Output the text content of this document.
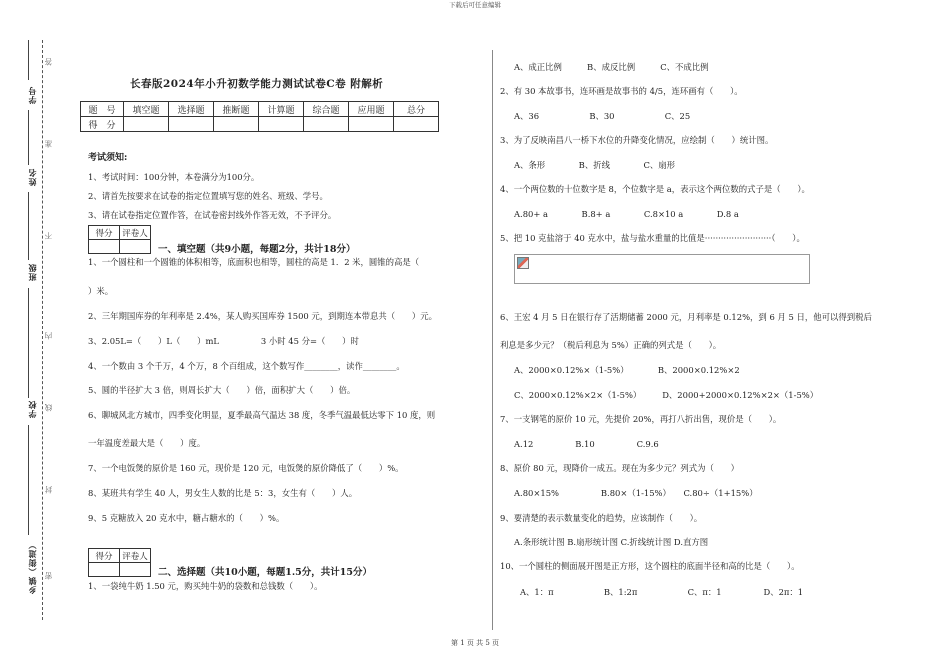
下载后可任意编辑
学号
姓名
班级
学校
乡镇（街道）
答
准
不
内
线
封
密
长春版2024年小升初数学能力测试试卷C卷 附解析
题　号	填空题	选择题	推断题	计算题	综合题	应用题	总分
得　分							
考试须知:
1、考试时间：100分钟，本卷满分为100分。
2、请首先按要求在试卷的指定位置填写您的姓名、班级、学号。
3、请在试卷指定位置作答，在试卷密封线外作答无效，不予评分。
得分	评卷人

一、填空题（共9小题，每题2分，共计18分）
1、一个圆柱和一个圆锥的体积相等，底面积也相等，圆柱的高是 1．2 米，圆锥的高是（
）米。
2、三年期国库券的年利率是 2.4%，某人购买国库券 1500 元，到期连本带息共（　　）元。
3、2.05L=（　　）L（　　）mL　　　　　3 小时 45 分=（　　）时
4、一个数由 3 个千万，4 个万，8 个百组成，这个数写作________，读作________。
5、圆的半径扩大 3 倍，则周长扩大（　　）倍，面积扩大（　　）倍。
6、聊城风北方城市，四季变化明显，夏季最高气温达 38 度，冬季气温最低达零下 10 度，则
一年温度差最大是（　　）度。
7、一个电饭煲的原价是 160 元，现价是 120 元，电饭煲的原价降低了（　　）%。
8、某班共有学生 40 人，男女生人数的比是 5：3，女生有（　　）人。
9、5 克糖放入 20 克水中，糖占糖水的（　　）%。
得分	评卷人

二、选择题（共10小题，每题1.5分，共计15分）
1、一袋纯牛奶 1.50 元，购买纯牛奶的袋数和总钱数（　　）。
A、成正比例　　　B、成反比例　　　C、不成比例
2、有 30 本故事书，连环画是故事书的 4/5，连环画有（　　）。
A、36　　　　　　B、30　　　　　　C、25
3、为了反映南昌八一桥下水位的升降变化情况，应绘制（　　）统计图。
A、条形　　　　B、折线　　　　C、扇形
4、一个两位数的十位数字是 8，个位数字是 a，表示这个两位数的式子是（　　）。
A.80+ a　　　　B.8+ a　　　　C.8×10 a　　　　D.8 a
5、把 10 克盐溶于 40 克水中，盐与盐水重量的比值是·························（　　）。
6、王宏 4 月 5 日在银行存了活期储蓄 2000 元，月利率是 0.12%，到 6 月 5 日，他可以得到税后
利息是多少元？（税后利息为 5%）正确的列式是（　　）。
A、2000×0.12%×（1-5%）　　　　B、2000×0.12%×2
C、2000×0.12%×2×（1-5%）　　　D、2000+2000×0.12%×2×（1-5%）
7、一支钢笔的原价 10 元，先提价 20%，再打八折出售，现价是（　　）。
A.12　　　　　B.10　　　　　C.9.6
8、原价 80 元，现降价一成五。现在为多少元？列式为（　　）
A.80×15%　　　　　B.80×（1-15%）　　C.80÷（1+15%）
9、要清楚的表示数量变化的趋势，应该制作（　　）。
A.条形统计图 B.扇形统计图 C.折线统计图 D.直方图
10、一个圆柱的侧面展开图是正方形，这个圆柱的底面半径和高的比是（　　）。
A、1：π　　　　　　B、1:2π　　　　　　C、π：1　　　　　D、2π：1
第 1 页 共 5 页
